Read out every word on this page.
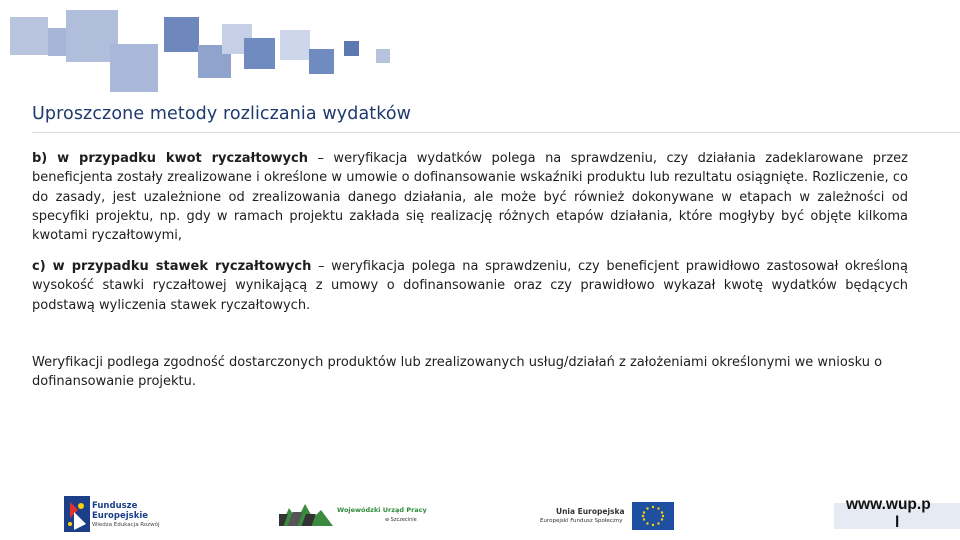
Uproszczone metody rozliczania wydatków
b) w przypadku kwot ryczałtowych – weryfikacja wydatków polega na sprawdzeniu, czy działania zadeklarowane przez beneficjenta zostały zrealizowane i określone w umowie o dofinansowanie wskaźniki produktu lub rezultatu osiągnięte. Rozliczenie, co do zasady, jest uzależnione od zrealizowania danego działania, ale może być również dokonywane w etapach w zależności od specyfiki projektu, np. gdy w ramach projektu zakłada się realizację różnych etapów działania, które mogłyby być objęte kilkoma kwotami ryczałtowymi,
c) w przypadku stawek ryczałtowych – weryfikacja polega na sprawdzeniu, czy beneficjent prawidłowo zastosował określoną wysokość stawki ryczałtowej wynikającą z umowy o dofinansowanie oraz czy prawidłowo wykazał kwotę wydatków będących podstawą wyliczenia stawek ryczałtowych.
Weryfikacji podlega zgodność dostarczonych produktów lub zrealizowanych usług/działań z założeniami określonymi we wniosku o dofinansowanie projektu.
Fundusze
Europejskie
Wiedza Edukacja Rozwój
Wojewódzki Urząd Pracy
w Szczecinie
Unia Europejska
Europejski Fundusz Społeczny
www.wup.p
l
